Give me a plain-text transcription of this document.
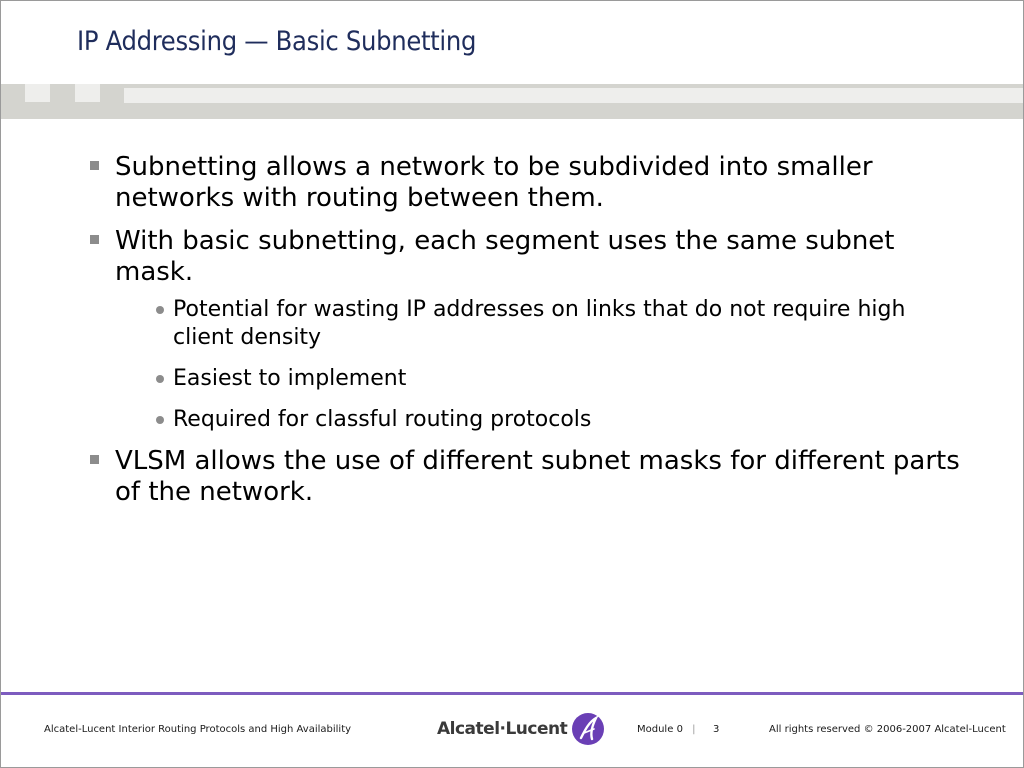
IP Addressing — Basic Subnetting
Subnetting allows a network to be subdivided into smaller networks with routing between them.
With basic subnetting, each segment uses the same subnet mask.
Potential for wasting IP addresses on links that do not require high client density
Easiest to implement
Required for classful routing protocols
VLSM allows the use of different subnet masks for different parts of the network.
Alcatel-Lucent Interior Routing Protocols and High Availability	Alcatel·Lucent	Module 0 |	3	All rights reserved © 2006-2007 Alcatel-Lucent
